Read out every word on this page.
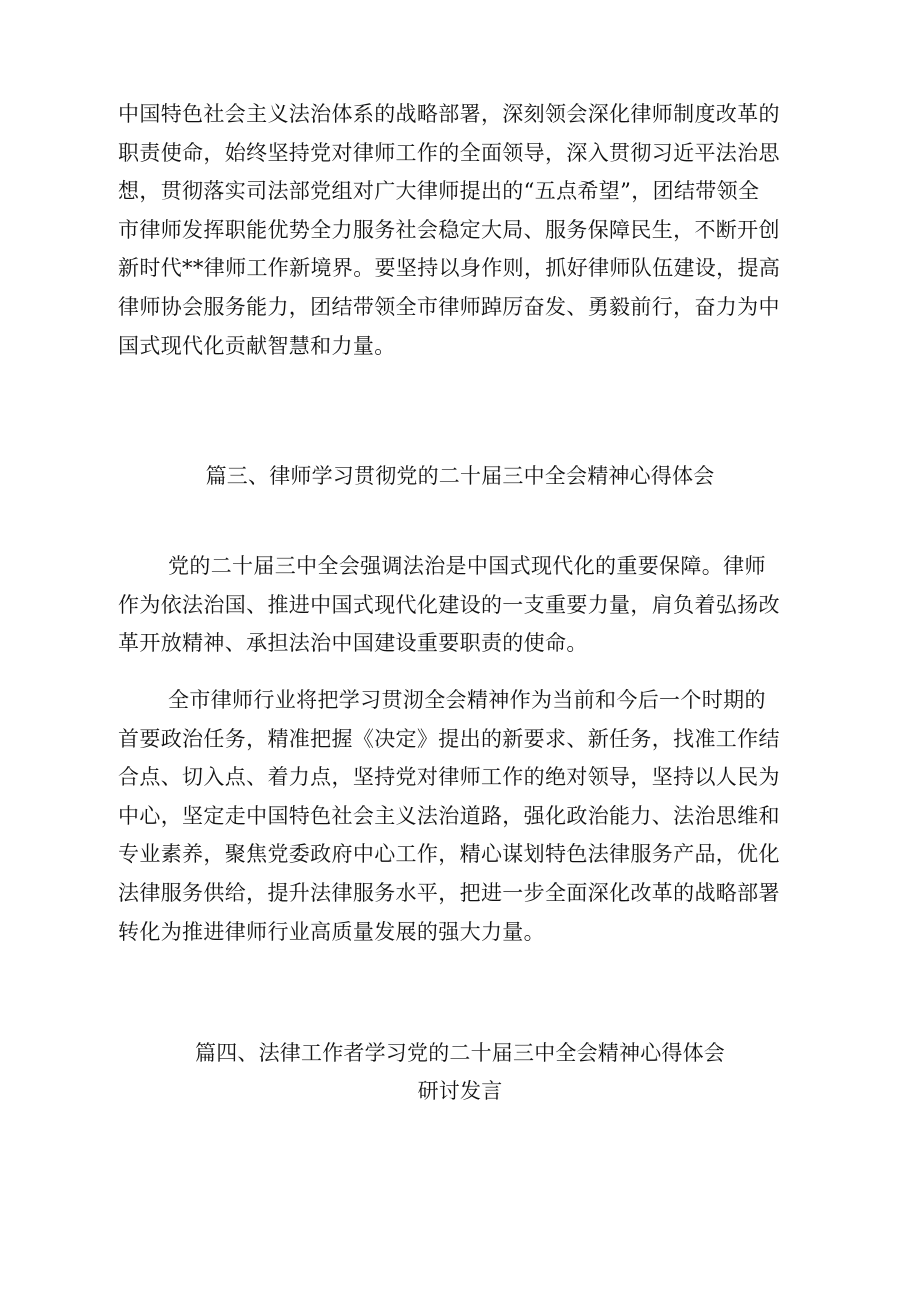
中国特色社会主义法治体系的战略部署，深刻领会深化律师制度改革的
职责使命，始终坚持党对律师工作的全面领导，深入贯彻习近平法治思
想，贯彻落实司法部党组对广大律师提出的“五点希望”，团结带领全
市律师发挥职能优势全力服务社会稳定大局、服务保障民生，不断开创
新时代**律师工作新境界。要坚持以身作则，抓好律师队伍建设，提高
律师协会服务能力，团结带领全市律师踔厉奋发、勇毅前行，奋力为中
国式现代化贡献智慧和力量。

篇三、律师学习贯彻党的二十届三中全会精神心得体会

党的二十届三中全会强调法治是中国式现代化的重要保障。律师
作为依法治国、推进中国式现代化建设的一支重要力量，肩负着弘扬改
革开放精神、承担法治中国建设重要职责的使命。

全市律师行业将把学习贯沏全会精神作为当前和今后一个时期的
首要政治任务，精准把握《决定》提出的新要求、新任务，找准工作结
合点、切入点、着力点，坚持党对律师工作的绝对领导，坚持以人民为
中心，坚定走中国特色社会主义法治道路，强化政治能力、法治思维和
专业素养，聚焦党委政府中心工作，精心谋划特色法律服务产品，优化
法律服务供给，提升法律服务水平，把进一步全面深化改革的战略部署
转化为推进律师行业高质量发展的强大力量。

篇四、法律工作者学习党的二十届三中全会精神心得体会
研讨发言
